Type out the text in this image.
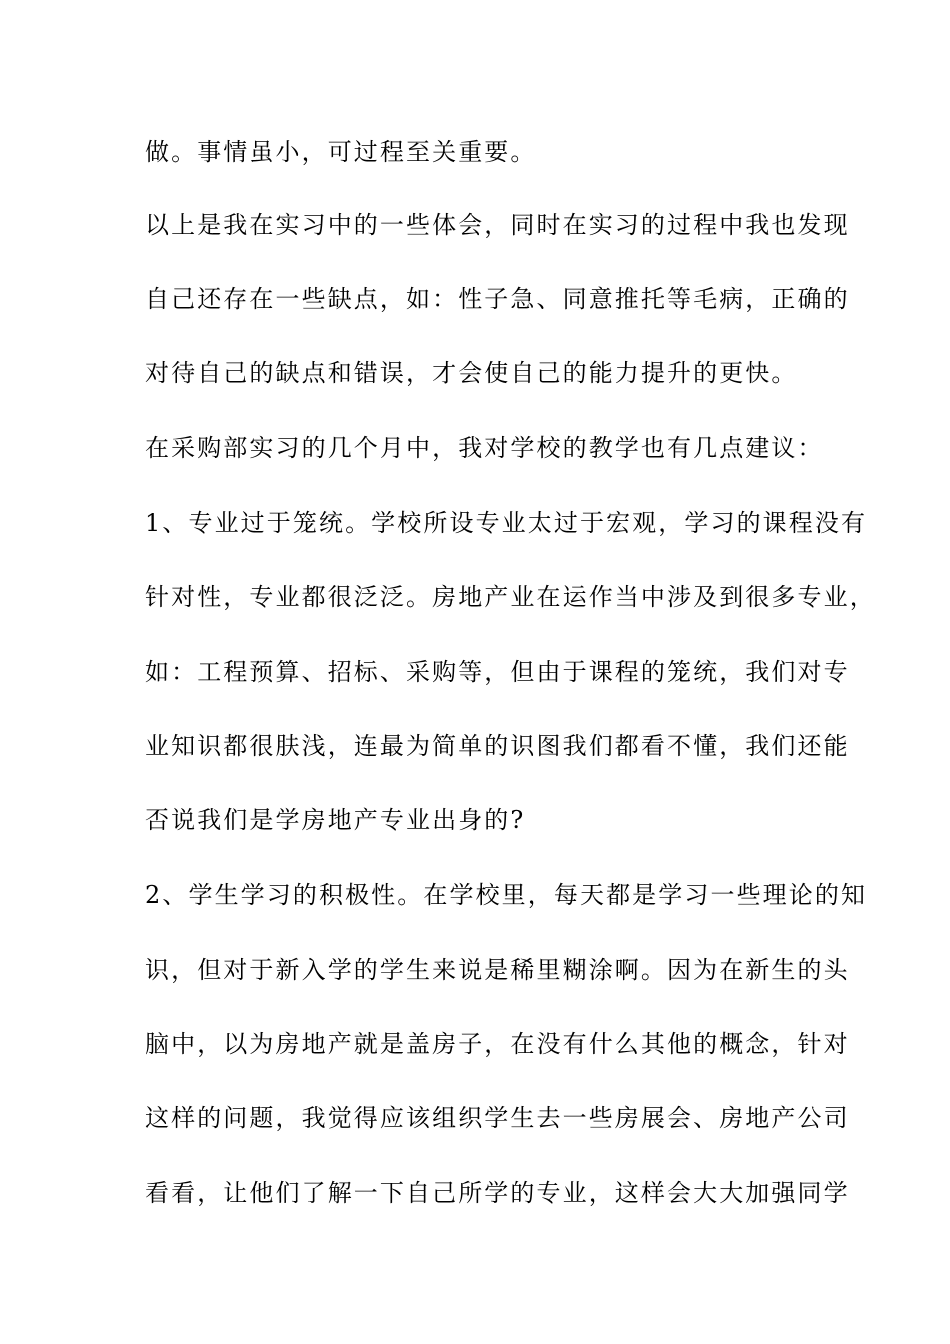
做。事情虽小，可过程至关重要。
以上是我在实习中的一些体会，同时在实习的过程中我也发现
自己还存在一些缺点，如：性子急、同意推托等毛病，正确的
对待自己的缺点和错误，才会使自己的能力提升的更快。
在采购部实习的几个月中，我对学校的教学也有几点建议：
1、专业过于笼统。学校所设专业太过于宏观，学习的课程没有
针对性，专业都很泛泛。房地产业在运作当中涉及到很多专业，
如：工程预算、招标、采购等，但由于课程的笼统，我们对专
业知识都很肤浅，连最为简单的识图我们都看不懂，我们还能
否说我们是学房地产专业出身的?
2、学生学习的积极性。在学校里，每天都是学习一些理论的知
识，但对于新入学的学生来说是稀里糊涂啊。因为在新生的头
脑中，以为房地产就是盖房子，在没有什么其他的概念，针对
这样的问题，我觉得应该组织学生去一些房展会、房地产公司
看看，让他们了解一下自己所学的专业，这样会大大加强同学
